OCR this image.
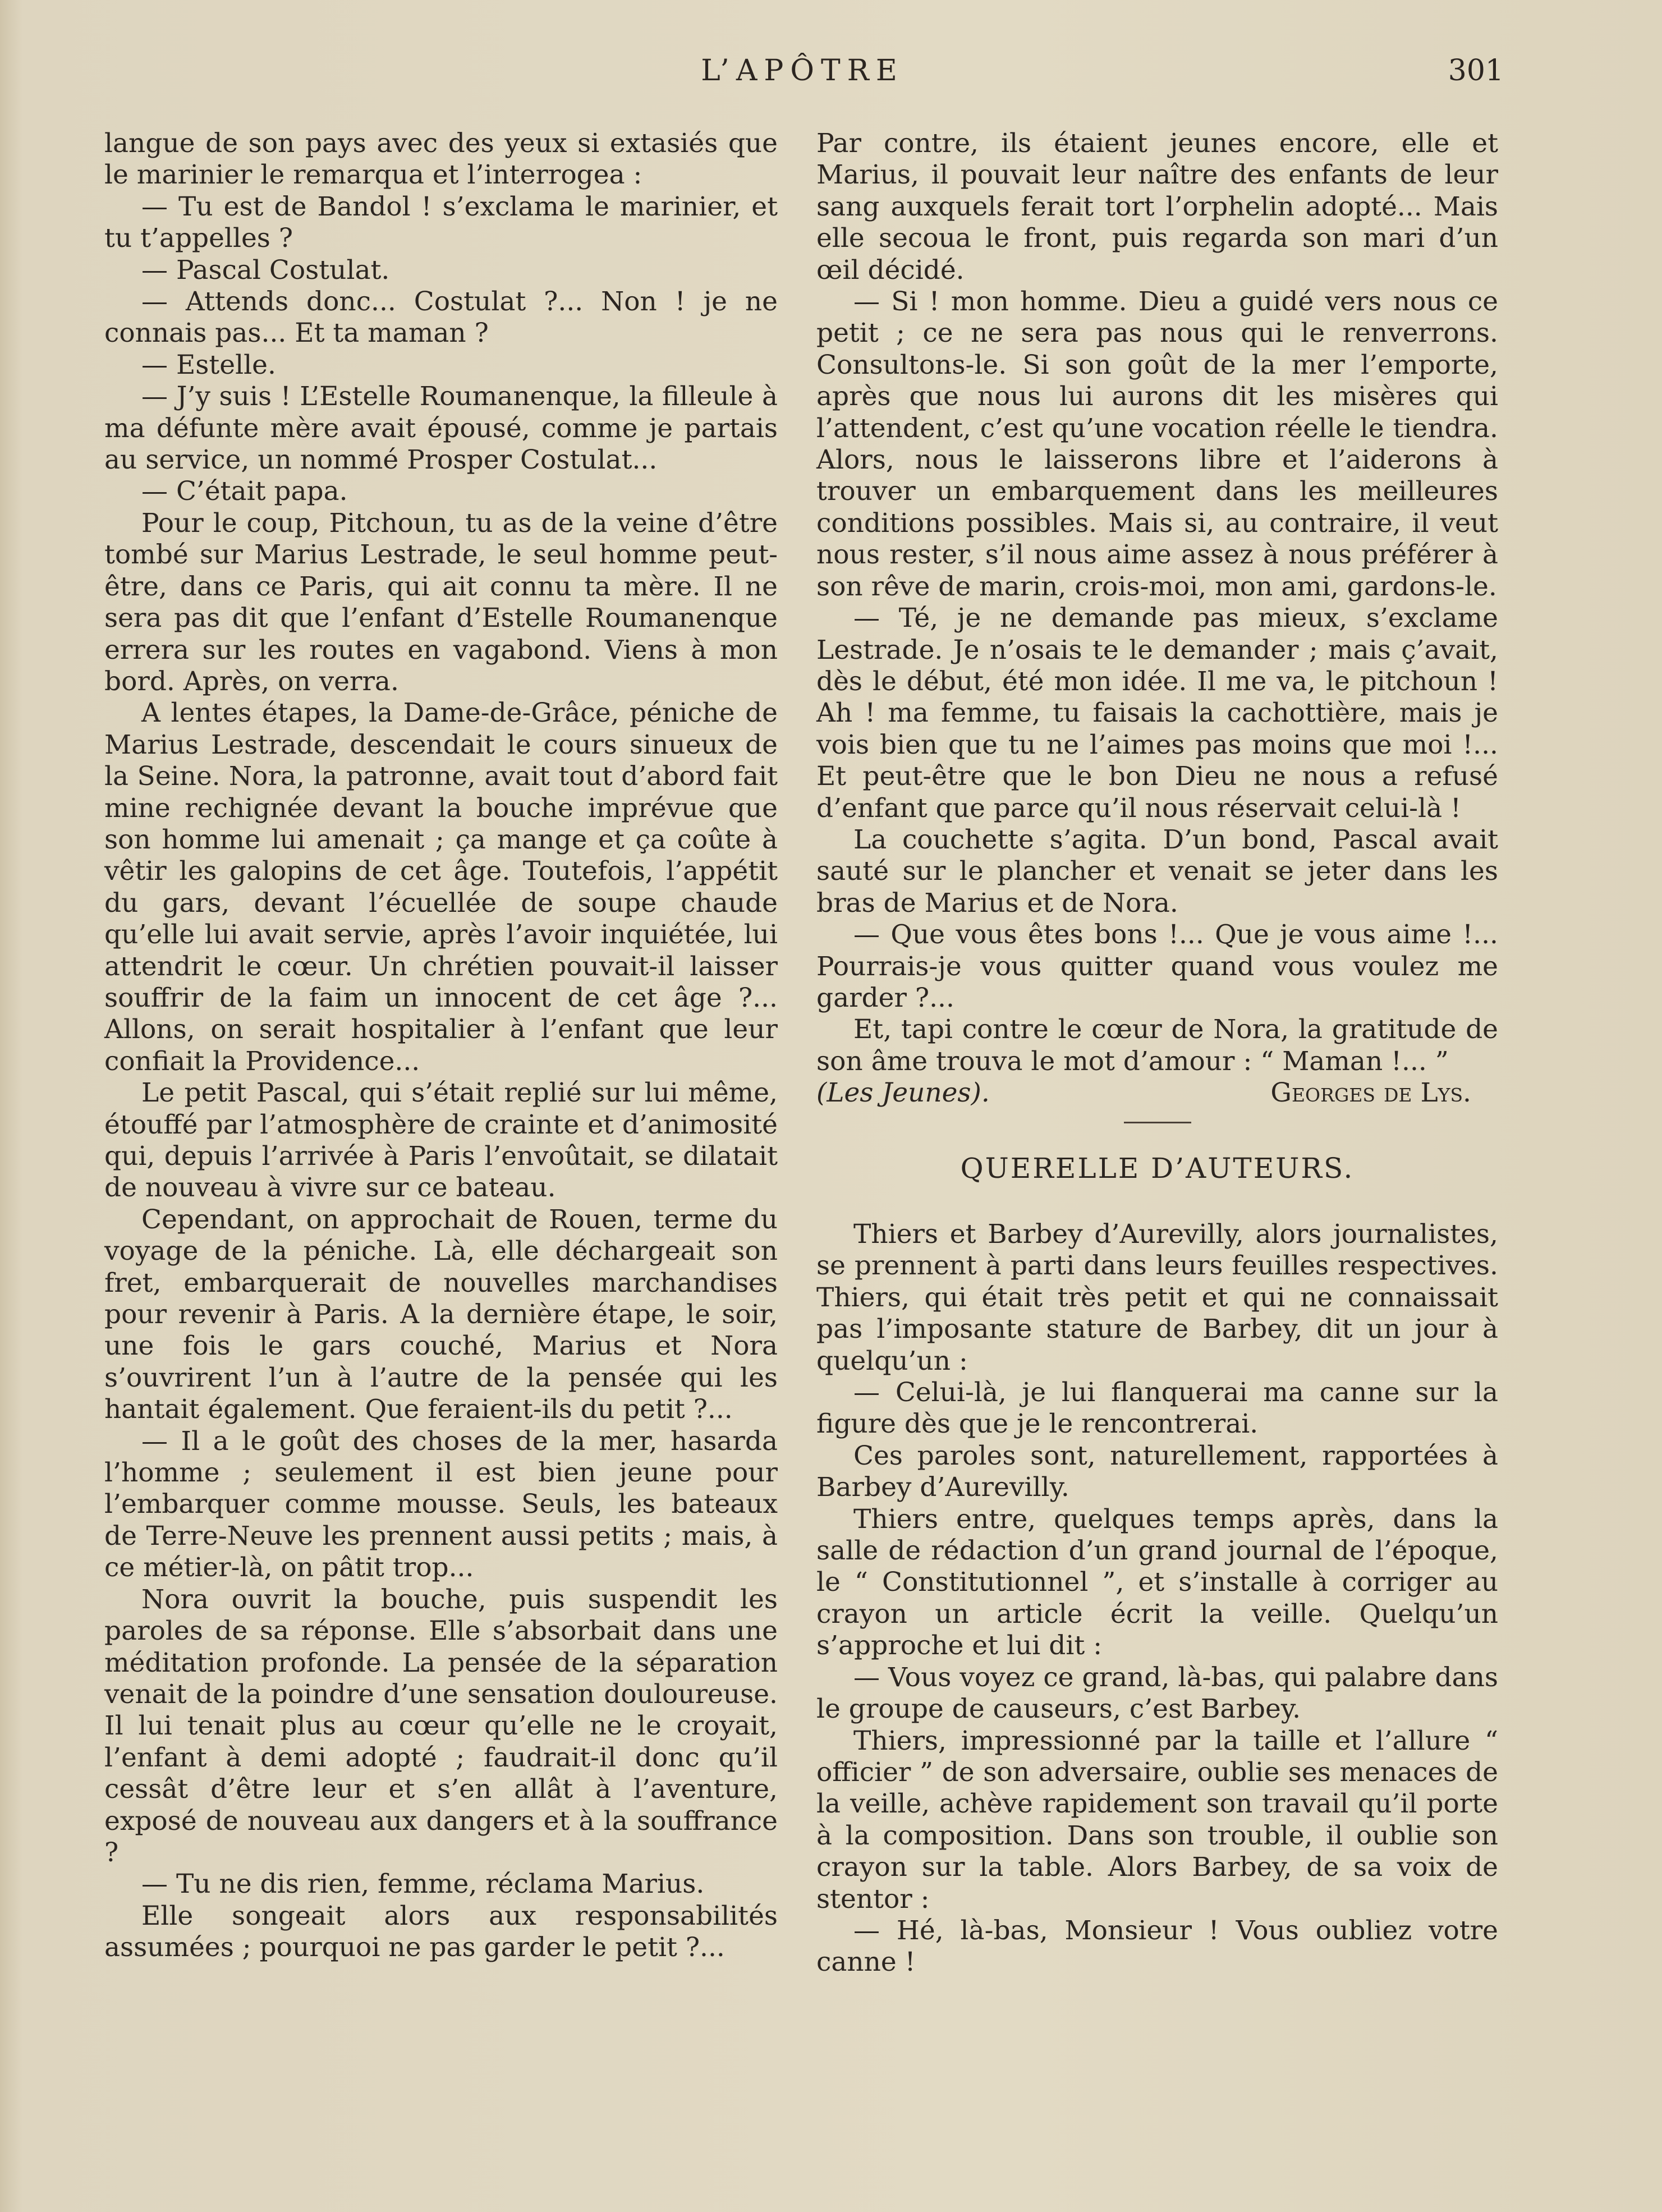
L’APÔTRE	301

langue de son pays avec des yeux si extasiés que le marinier le remarqua et l’interrogea :

— Tu est de Bandol ! s’exclama le marinier, et tu t’appelles ?

— Pascal Costulat.

— Attends donc... Costulat ?... Non ! je ne connais pas... Et ta maman ?

— Estelle.

— J’y suis ! L’Estelle Roumanenque, la filleule à ma défunte mère avait épousé, comme je partais au service, un nommé Prosper Costulat...

— C’était papa.

Pour le coup, Pitchoun, tu as de la veine d’être tombé sur Marius Lestrade, le seul homme peut-être, dans ce Paris, qui ait connu ta mère. Il ne sera pas dit que l’enfant d’Estelle Roumanenque errera sur les routes en vagabond. Viens à mon bord. Après, on verra.

A lentes étapes, la Dame-de-Grâce, péniche de Marius Lestrade, descendait le cours sinueux de la Seine. Nora, la patronne, avait tout d’abord fait mine rechignée devant la bouche imprévue que son homme lui amenait ; ça mange et ça coûte à vêtir les galopins de cet âge. Toutefois, l’appétit du gars, devant l’écuellée de soupe chaude qu’elle lui avait servie, après l’avoir inquiétée, lui attendrit le cœur. Un chrétien pouvait-il laisser souffrir de la faim un innocent de cet âge ?... Allons, on serait hospitalier à l’enfant que leur confiait la Providence...

Le petit Pascal, qui s’était replié sur lui même, étouffé par l’atmosphère de crainte et d’animosité qui, depuis l’arrivée à Paris l’envoûtait, se dilatait de nouveau à vivre sur ce bateau.

Cependant, on approchait de Rouen, terme du voyage de la péniche. Là, elle déchargeait son fret, embarquerait de nouvelles marchandises pour revenir à Paris. A la dernière étape, le soir, une fois le gars couché, Marius et Nora s’ouvrirent l’un à l’autre de la pensée qui les hantait également. Que feraient-ils du petit ?...

— Il a le goût des choses de la mer, hasarda l’homme ; seulement il est bien jeune pour l’embarquer comme mousse. Seuls, les bateaux de Terre-Neuve les prennent aussi petits ; mais, à ce métier-là, on pâtit trop...

Nora ouvrit la bouche, puis suspendit les paroles de sa réponse. Elle s’absorbait dans une méditation profonde. La pensée de la séparation venait de la poindre d’une sensation douloureuse. Il lui tenait plus au cœur qu’elle ne le croyait, l’enfant à demi adopté ; faudrait-il donc qu’il cessât d’être leur et s’en allât à l’aventure, exposé de nouveau aux dangers et à la souffrance ?

— Tu ne dis rien, femme, réclama Marius.

Elle songeait alors aux responsabilités assumées ; pourquoi ne pas garder le petit ?...

Par contre, ils étaient jeunes encore, elle et Marius, il pouvait leur naître des enfants de leur sang auxquels ferait tort l’orphelin adopté... Mais elle secoua le front, puis regarda son mari d’un œil décidé.

— Si ! mon homme. Dieu a guidé vers nous ce petit ; ce ne sera pas nous qui le renverrons. Consultons-le. Si son goût de la mer l’emporte, après que nous lui aurons dit les misères qui l’attendent, c’est qu’une vocation réelle le tiendra. Alors, nous le laisserons libre et l’aiderons à trouver un embarquement dans les meilleures conditions possibles. Mais si, au contraire, il veut nous rester, s’il nous aime assez à nous préférer à son rêve de marin, crois-moi, mon ami, gardons-le.

— Té, je ne demande pas mieux, s’exclame Lestrade. Je n’osais te le demander ; mais ç’avait, dès le début, été mon idée. Il me va, le pitchoun ! Ah ! ma femme, tu faisais la cachottière, mais je vois bien que tu ne l’aimes pas moins que moi !... Et peut-être que le bon Dieu ne nous a refusé d’enfant que parce qu’il nous réservait celui-là !

La couchette s’agita. D’un bond, Pascal avait sauté sur le plancher et venait se jeter dans les bras de Marius et de Nora.

— Que vous êtes bons !... Que je vous aime !... Pourrais-je vous quitter quand vous voulez me garder ?...

Et, tapi contre le cœur de Nora, la gratitude de son âme trouva le mot d’amour : “ Maman !... ”

(Les Jeunes).	Georges de Lys.
QUERELLE D’AUTEURS.

Thiers et Barbey d’Aurevilly, alors journalistes, se prennent à parti dans leurs feuilles respectives. Thiers, qui était très petit et qui ne connaissait pas l’imposante stature de Barbey, dit un jour à quelqu’un :

— Celui-là, je lui flanquerai ma canne sur la figure dès que je le rencontrerai.

Ces paroles sont, naturellement, rapportées à Barbey d’Aurevilly.

Thiers entre, quelques temps après, dans la salle de rédaction d’un grand journal de l’époque, le “ Constitutionnel ”, et s’installe à corriger au crayon un article écrit la veille. Quelqu’un s’approche et lui dit :

— Vous voyez ce grand, là-bas, qui palabre dans le groupe de causeurs, c’est Barbey.

Thiers, impressionné par la taille et l’allure “ officier ” de son adversaire, oublie ses menaces de la veille, achève rapidement son travail qu’il porte à la composition. Dans son trouble, il oublie son crayon sur la table. Alors Barbey, de sa voix de stentor :

— Hé, là-bas, Monsieur ! Vous oubliez votre canne !
